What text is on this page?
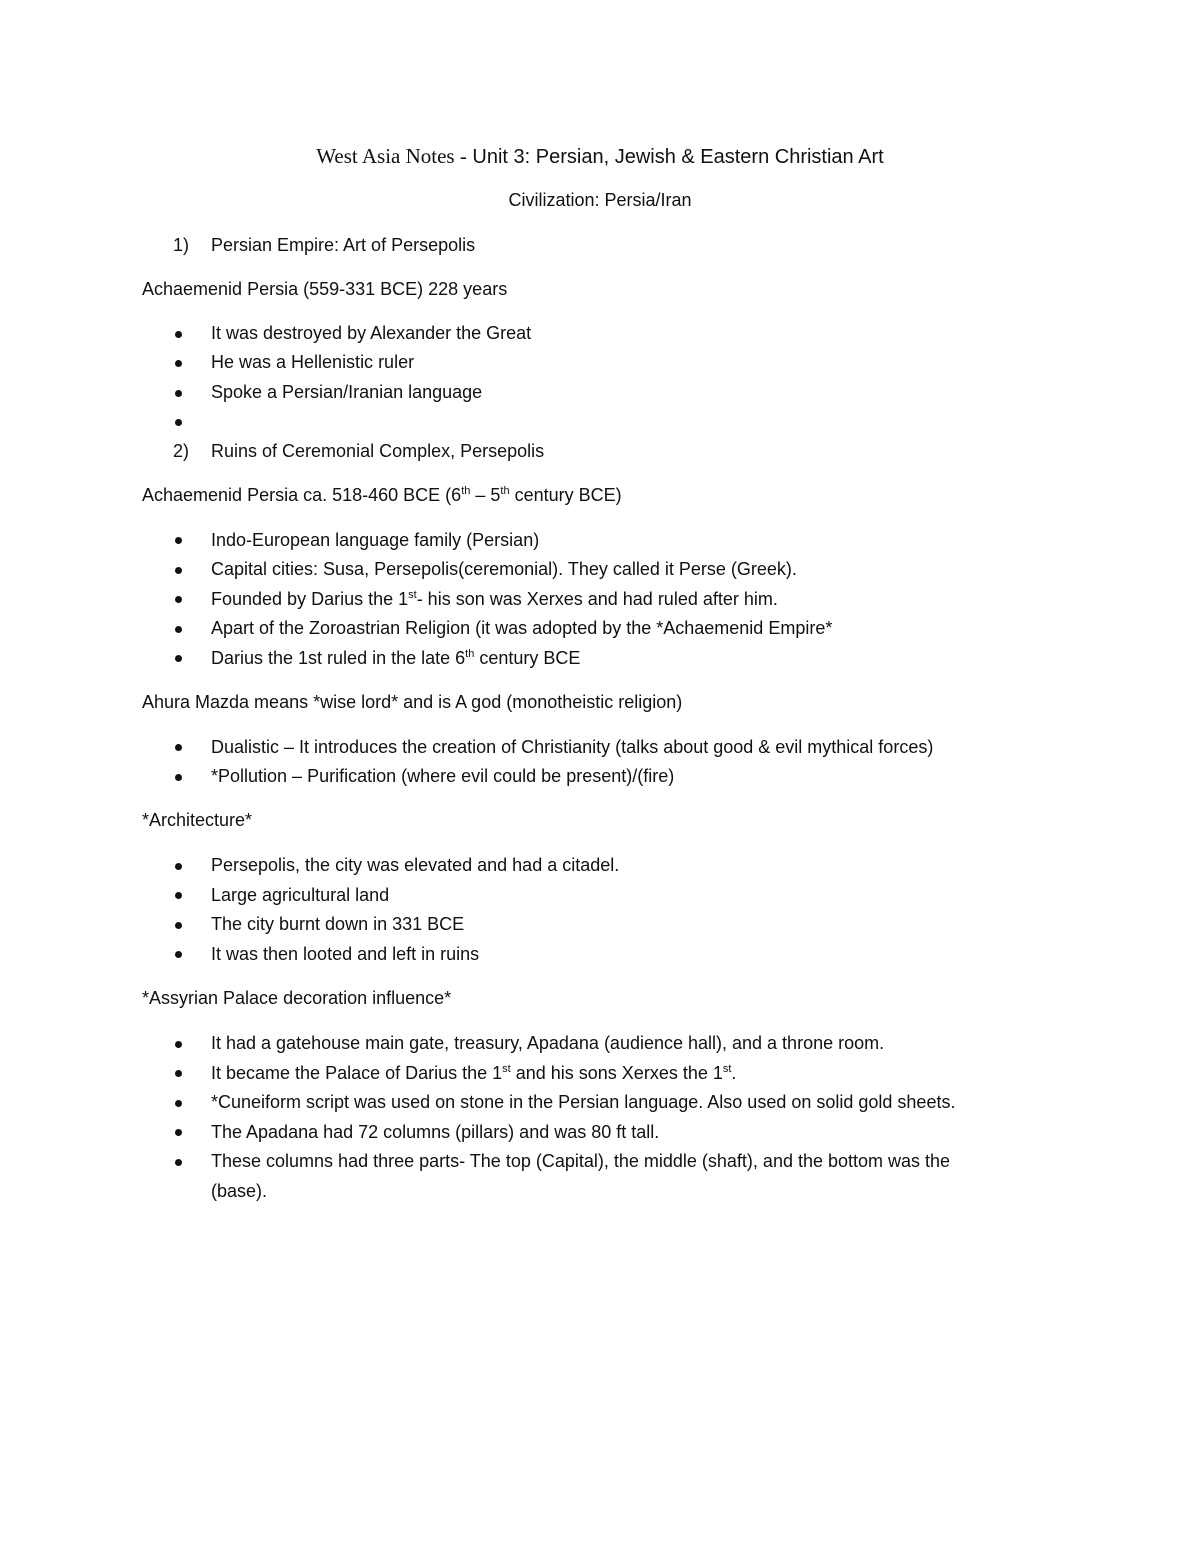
West Asia Notes - Unit 3: Persian, Jewish & Eastern Christian Art
Civilization: Persia/Iran
1) Persian Empire: Art of Persepolis
Achaemenid Persia (559-331 BCE) 228 years
It was destroyed by Alexander the Great
He was a Hellenistic ruler
Spoke a Persian/Iranian language
2) Ruins of Ceremonial Complex, Persepolis
Achaemenid Persia ca. 518-460 BCE (6th – 5th century BCE)
Indo-European language family (Persian)
Capital cities: Susa, Persepolis(ceremonial). They called it Perse (Greek).
Founded by Darius the 1st- his son was Xerxes and had ruled after him.
Apart of the Zoroastrian Religion (it was adopted by the *Achaemenid Empire*
Darius the 1st ruled in the late 6th century BCE
Ahura Mazda means *wise lord* and is A god (monotheistic religion)
Dualistic – It introduces the creation of Christianity (talks about good & evil mythical forces)
*Pollution – Purification (where evil could be present)/(fire)
*Architecture*
Persepolis, the city was elevated and had a citadel.
Large agricultural land
The city burnt down in 331 BCE
It was then looted and left in ruins
*Assyrian Palace decoration influence*
It had a gatehouse main gate, treasury, Apadana (audience hall), and a throne room.
It became the Palace of Darius the 1st and his sons Xerxes the 1st.
*Cuneiform script was used on stone in the Persian language. Also used on solid gold sheets.
The Apadana had 72 columns (pillars) and was 80 ft tall.
These columns had three parts- The top (Capital), the middle (shaft), and the bottom was the
(base).
